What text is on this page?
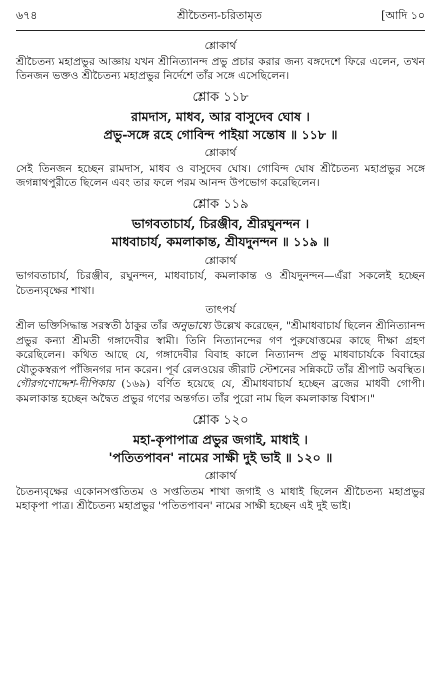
৬৭৪	শ্রীচৈতন্য-চরিতামৃত	[আদি ১০
শ্লোকার্থ

শ্রীচৈতন্য মহাপ্রভুর আজ্ঞায় যখন শ্রীনিত্যানন্দ প্রভু প্রচার করার জন্য বঙ্গদেশে ফিরে এলেন, তখন তিনজন ভক্তও শ্রীচৈতন্য মহাপ্রভুর নির্দেশে তাঁর সঙ্গে এসেছিলেন।

শ্লোক ১১৮
রামদাস, মাধব, আর বাসুদেব ঘোষ ।
প্রভু-সঙ্গে রহে গোবিন্দ পাইয়া সন্তোষ ॥ ১১৮ ॥
শ্লোকার্থ

সেই তিনজন হচ্ছেন রামদাস, মাধব ও বাসুদেব ঘোষ। গোবিন্দ ঘোষ শ্রীচৈতন্য মহাপ্রভুর সঙ্গে জগন্নাথপুরীতে ছিলেন এবং তার ফলে পরম আনন্দ উপভোগ করেছিলেন।

শ্লোক ১১৯
ভাগবতাচার্য, চিরঞ্জীব, শ্রীরঘুনন্দন ।
মাধবাচার্য, কমলাকান্ত, শ্রীযদুনন্দন ॥ ১১৯ ॥
শ্লোকার্থ

ভাগবতাচার্য, চিরঞ্জীব, রঘুনন্দন, মাধবাচার্য, কমলাকান্ত ও শ্রীযদুনন্দন—এঁরা সকলেই হচ্ছেন চৈতন্যবৃক্ষের শাখা।

তাৎপর্য

শ্রীল ভক্তিসিদ্ধান্ত সরস্বতী ঠাকুর তাঁর অনুভাষ্যে উল্লেখ করেছেন, "শ্রীমাধবাচার্য ছিলেন শ্রীনিত্যানন্দ প্রভুর কন্যা শ্রীমতী গঙ্গাদেবীর স্বামী। তিনি নিত্যানন্দের গণ পুরুষোত্তমের কাছে দীক্ষা গ্রহণ করেছিলেন। কথিত আছে যে, গঙ্গাদেবীর বিবাহ কালে নিত্যানন্দ প্রভু মাধবাচার্যকে বিবাহের যৌতুকস্বরূপ পাঁজিনগর দান করেন। পূর্ব রেলওয়ের জীরাট স্টেশনের সন্নিকটে তাঁর শ্রীপাট অবস্থিত। গৌরগণোদ্দেশ-দীপিকায় (১৬৯) বর্ণিত হয়েছে যে, শ্রীমাধবাচার্য হচ্ছেন ব্রজের মাধবী গোপী। কমলাকান্ত হচ্ছেন অদ্বৈত প্রভুর গণের অন্তর্গত। তাঁর পুরো নাম ছিল কমলাকান্ত বিশ্বাস।"

শ্লোক ১২০
মহা-কৃপাপাত্র প্রভুর জগাই, মাধাই ।
'পতিতপাবন' নামের সাক্ষী দুই ভাই ॥ ১২০ ॥
শ্লোকার্থ

চৈতন্যবৃক্ষের একোনসপ্ততিতম ও সপ্ততিতম শাখা জগাই ও মাধাই ছিলেন শ্রীচৈতন্য মহাপ্রভুর মহাকৃপা পাত্র। শ্রীচৈতন্য মহাপ্রভুর 'পতিতপাবন' নামের সাক্ষী হচ্ছেন এই দুই ভাই।
